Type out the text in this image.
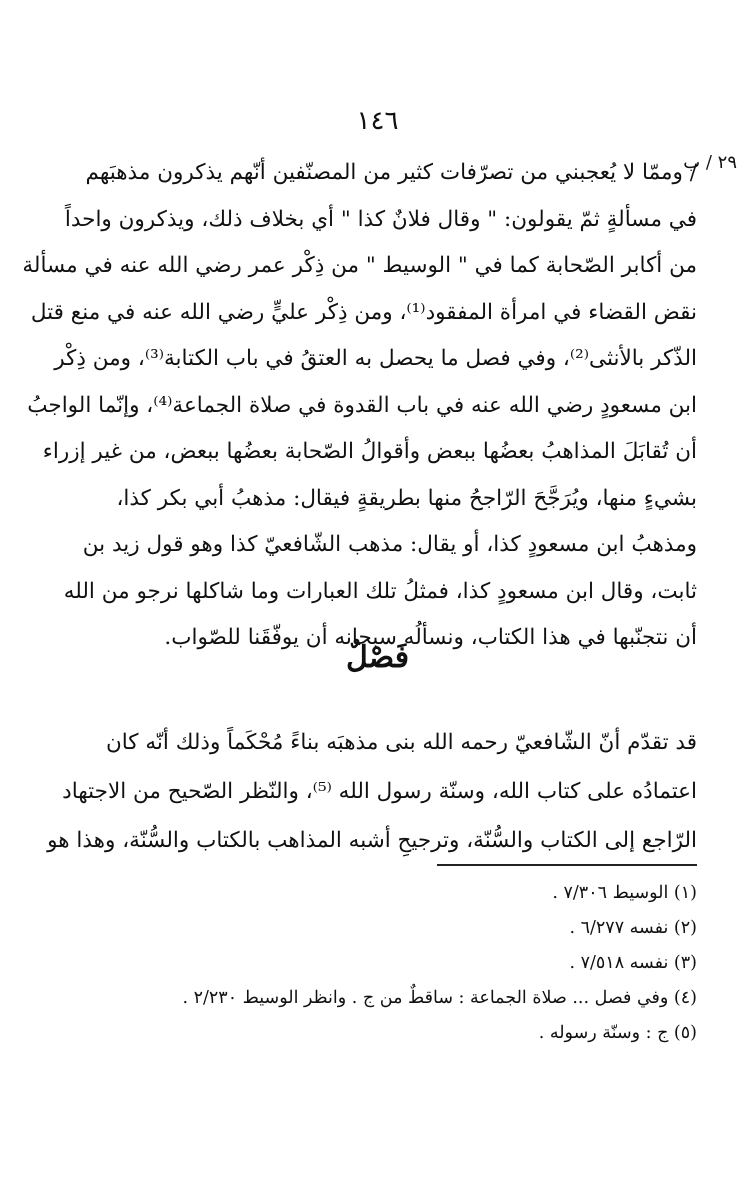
١٤٦
٢٩ / ب
/ وممّا لا يُعجبني من تصرّفات كثير من المصنّفين أنّهم يذكرون مذهبَهم
في مسألةٍ ثمّ يقولون: " وقال فلانٌ كذا " أي بخلاف ذلك، ويذكرون واحداً
من أكابر الصّحابة كما في " الوسيط " من ذِكْر عمر رضي الله عنه في مسألة
نقض القضاء في امرأة المفقود⁽¹⁾، ومن ذِكْر عليٍّ رضي الله عنه في منع قتل
الذّكر بالأنثى⁽²⁾، وفي فصل ما يحصل به العتقُ في باب الكتابة⁽³⁾، ومن ذِكْر
ابن مسعودٍ رضي الله عنه في باب القدوة في صلاة الجماعة⁽⁴⁾، وإنّما الواجبُ
أن تُقابَلَ المذاهبُ بعضُها ببعض وأقوالُ الصّحابة بعضُها ببعض، من غير إزراء
بشيءٍ منها، ويُرَجَّحَ الرّاجحُ منها بطريقةٍ فيقال: مذهبُ أبي بكر كذا،
ومذهبُ ابن مسعودٍ كذا، أو يقال: مذهب الشّافعيّ كذا وهو قول زيد بن
ثابت، وقال ابن مسعودٍ كذا، فمثلُ تلك العبارات وما شاكلها نرجو من الله
أن نتجنّبها في هذا الكتاب، ونسألُه سبحانه أن يوفّقَنا للصّواب.
فَصْلٌ
قد تقدّم أنّ الشّافعيّ رحمه الله بنى مذهبَه بناءً مُحْكَماً وذلك أنّه كان
اعتمادُه على كتاب الله، وسنّة رسول الله ⁽⁵⁾، والنّظر الصّحيح من الاجتهاد
الرّاجع إلى الكتاب والسُّنّة، وترجيحِ أشبه المذاهب بالكتاب والسُّنّة، وهذا هو
(١) الوسيط ٧/٣٠٦ .
(٢) نفسه ٦/٢٧٧ .
(٣) نفسه ٧/٥١٨ .
(٤) وفي فصل ... صلاة الجماعة : ساقطٌ من ج . وانظر الوسيط ٢/٢٣٠ .
(٥) ج : وسنّة رسوله .
